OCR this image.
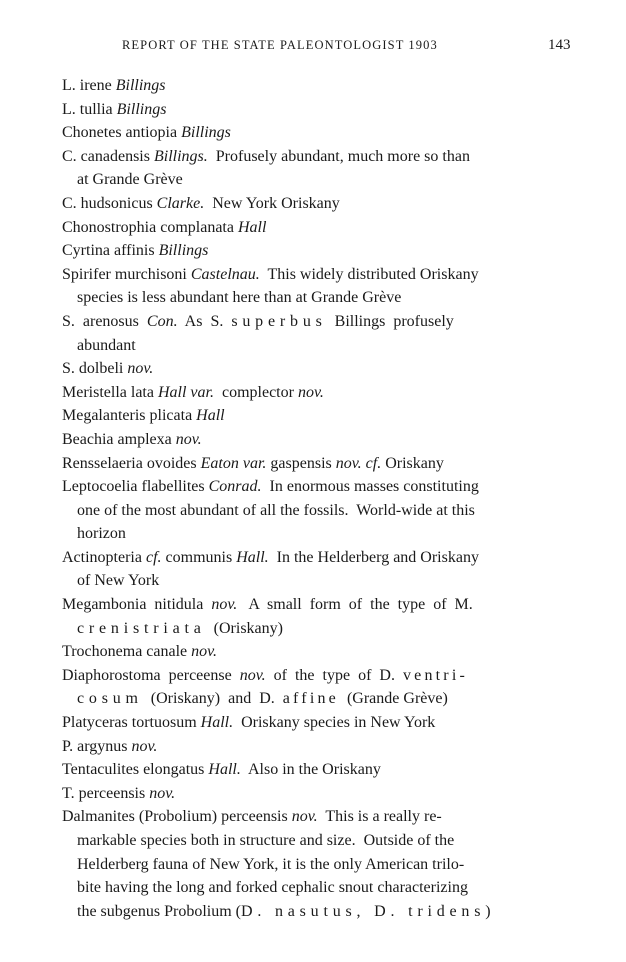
REPORT OF THE STATE PALEONTOLOGIST 1903	143
L. irene Billings
L. tullia Billings
Chonetes antiopia Billings
C. canadensis Billings.  Profusely abundant, much more so than
at Grande Grève
C. hudsonicus Clarke.  New York Oriskany
Chonostrophia complanata Hall
Cyrtina affinis Billings
Spirifer murchisoni Castelnau.  This widely distributed Oriskany
species is less abundant here than at Grande Grève
S.  arenosus  Con.  As  S.  superbus  Billings  profusely
abundant
S. dolbeli nov.
Meristella lata Hall var.  complector nov.
Megalanteris plicata Hall
Beachia amplexa nov.
Rensselaeria ovoides Eaton var. gaspensis nov. cf. Oriskany
Leptocoelia flabellites Conrad.  In enormous masses constituting
one of the most abundant of all the fossils.  World-wide at this
horizon
Actinopteria cf. communis Hall.  In the Helderberg and Oriskany
of New York
Megambonia  nitidula  nov.   A  small  form  of  the  type  of  M.
crenistriata  (Oriskany)
Trochonema canale nov.
Diaphorostoma  perceense  nov.  of  the  type  of  D.  ventri-
cosum  (Oriskany)  and  D.  affine  (Grande Grève)
Platyceras tortuosum Hall.  Oriskany species in New York
P. argynus nov.
Tentaculites elongatus Hall.  Also in the Oriskany
T. perceensis nov.
Dalmanites (Probolium) perceensis nov.  This is a really re-
markable species both in structure and size.  Outside of the
Helderberg fauna of New York, it is the only American trilo-
bite having the long and forked cephalic snout characterizing
the subgenus Probolium (D. nasutus, D. tridens)
